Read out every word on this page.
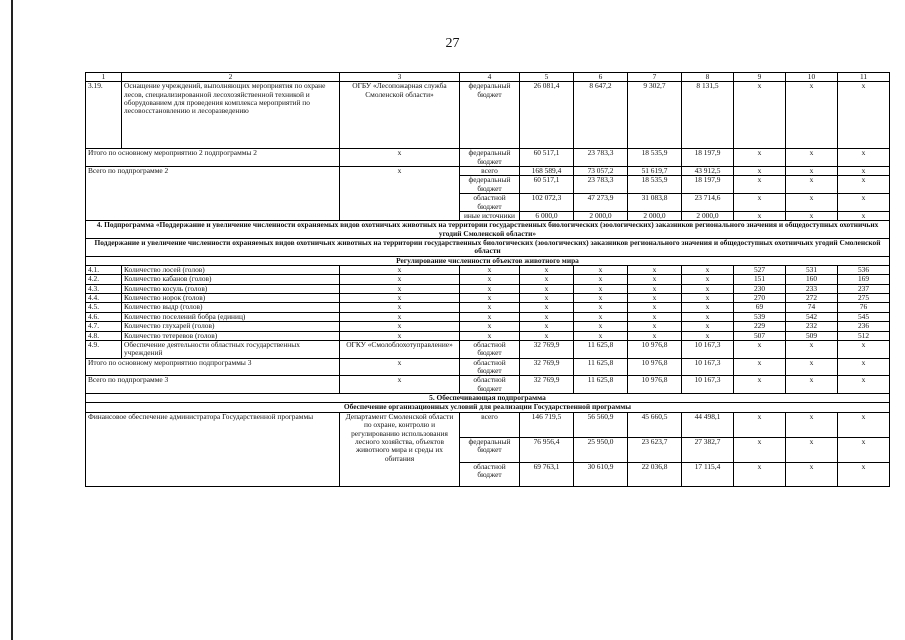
27
1	2	3	4	5	6	7	8	9	10	11
3.19.	Оснащение учреждений, выполняющих мероприятия по охране лесов, специализированной лесохозяйственной техникой и оборудованием для проведения комплекса мероприятий по лесовосстановлению и лесоразведению	ОГБУ «Лесопожарная служба Смоленской области»	федеральный бюджет	26 081,4	8 647,2	9 302,7	8 131,5	х	х	х
Итого по основному мероприятию 2 подпрограммы 2		х	федеральный бюджет	60 517,1	23 783,3	18 535,9	18 197,9	х	х	х
Всего по подпрограмме 2		х	всего	168 589,4	73 057,2	51 619,7	43 912,5	х	х	х
			федеральный бюджет	60 517,1	23 783,3	18 535,9	18 197,9	х	х	х
			областной бюджет	102 072,3	47 273,9	31 083,8	23 714,6	х	х	х
			иные источники	6 000,0	2 000,0	2 000,0	2 000,0	х	х	х
4. Подпрограмма «Поддержание и увеличение численности охраняемых видов охотничьих животных на территории государственных биологических (зоологических) заказников регионального значения и общедоступных охотничьих угодий Смоленской области»										
Поддержание и увеличение численности охраняемых видов охотничьих животных на территории государственных биологических (зоологических) заказников регионального значения и общедоступных охотничьих угодий Смоленской области										
Регулирование численности объектов животного мира										
4.1.	Количество лосей (голов)	х	х	х	х	х	х	527	531	536
4.2.	Количество кабанов (голов)	х	х	х	х	х	х	151	160	169
4.3.	Количество косуль (голов)	х	х	х	х	х	х	230	233	237
4.4.	Количество норок (голов)	х	х	х	х	х	х	270	272	275
4.5.	Количество выдр (голов)	х	х	х	х	х	х	69	74	76
4.6.	Количество поселений бобра (единиц)	х	х	х	х	х	х	539	542	545
4.7.	Количество глухарей (голов)	х	х	х	х	х	х	229	232	236
4.8.	Количество тетеревов (голов)	х	х	х	х	х	х	507	509	512
4.9.	Обеспечение деятельности областных государственных учреждений	ОГКУ «Смолоблохотуправление»	областной бюджет	32 769,9	11 625,8	10 976,8	10 167,3	х	х	х
Итого по основному мероприятию подпрограммы 3		х	областной бюджет	32 769,9	11 625,8	10 976,8	10 167,3	х	х	х
Всего по подпрограмме 3		х	областной бюджет	32 769,9	11 625,8	10 976,8	10 167,3	х	х	х
5. Обеспечивающая подпрограмма										
Обеспечение организационных условий для реализации Государственной программы										
Финансовое обеспечение администратора Государственной программы		Департамент Смоленской области по охране, контролю и регулированию использования лесного хозяйства, объектов животного мира и среды их обитания	всего	146 719,5	56 560,9	45 660,5	44 498,1	х	х	х
			федеральный бюджет	76 956,4	25 950,0	23 623,7	27 382,7	х	х	х
			областной бюджет	69 763,1	30 610,9	22 036,8	17 115,4	х	х	х
